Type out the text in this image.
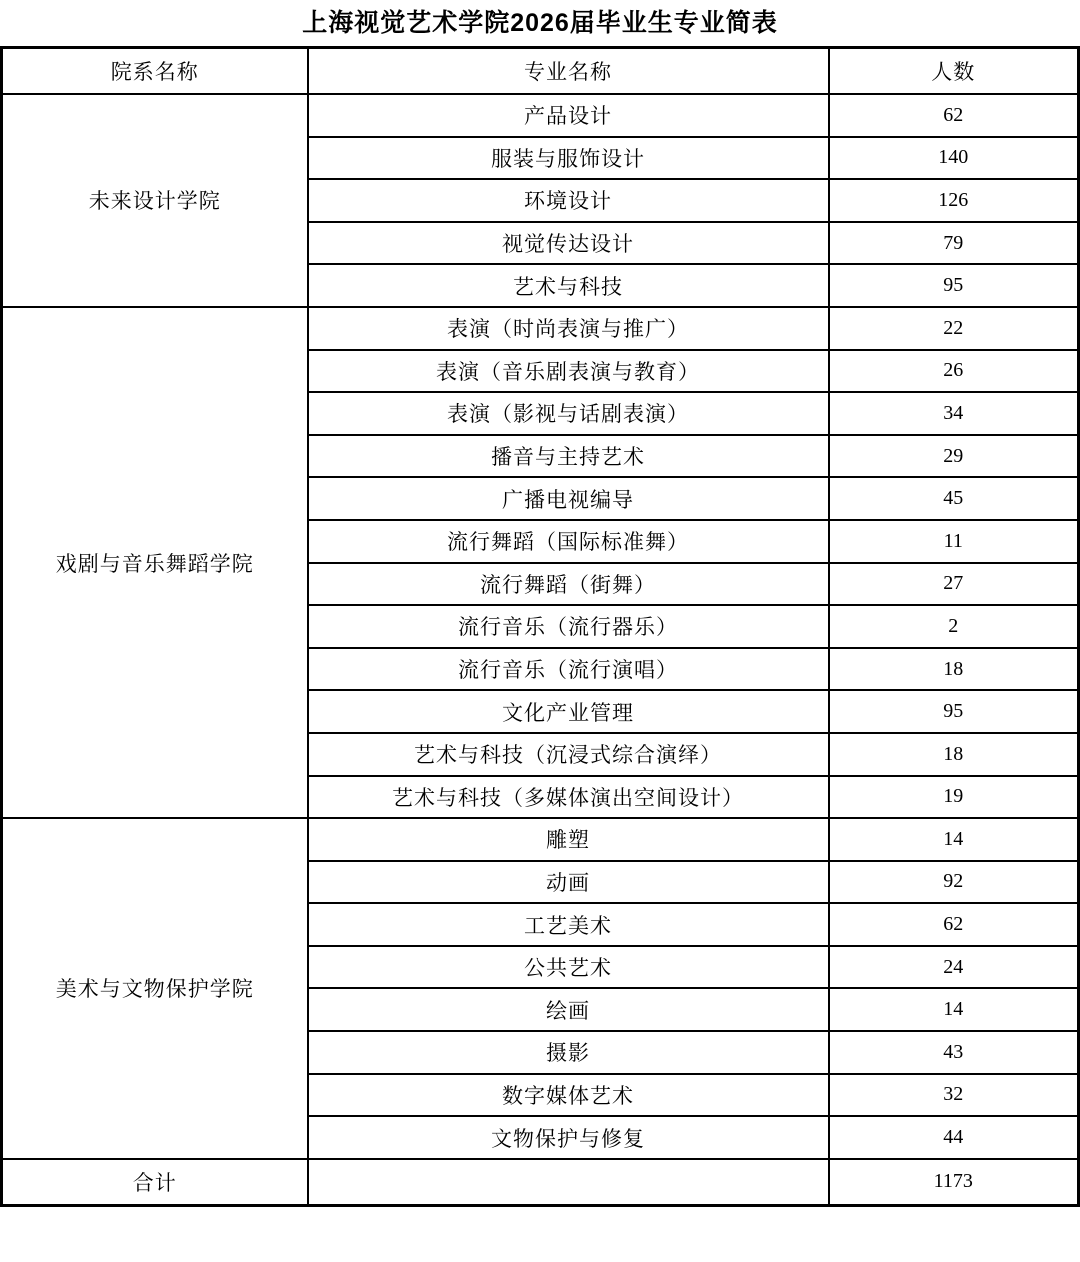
上海视觉艺术学院2026届毕业生专业简表
院系名称	专业名称	人数
未来设计学院	产品设计	62
	服装与服饰设计	140
	环境设计	126
	视觉传达设计	79
	艺术与科技	95
戏剧与音乐舞蹈学院	表演（时尚表演与推广）	22
	表演（音乐剧表演与教育）	26
	表演（影视与话剧表演）	34
	播音与主持艺术	29
	广播电视编导	45
	流行舞蹈（国际标准舞）	11
	流行舞蹈（街舞）	27
	流行音乐（流行器乐）	2
	流行音乐（流行演唱）	18
	文化产业管理	95
	艺术与科技（沉浸式综合演绎）	18
	艺术与科技（多媒体演出空间设计）	19
美术与文物保护学院	雕塑	14
	动画	92
	工艺美术	62
	公共艺术	24
	绘画	14
	摄影	43
	数字媒体艺术	32
	文物保护与修复	44
合计		1173
